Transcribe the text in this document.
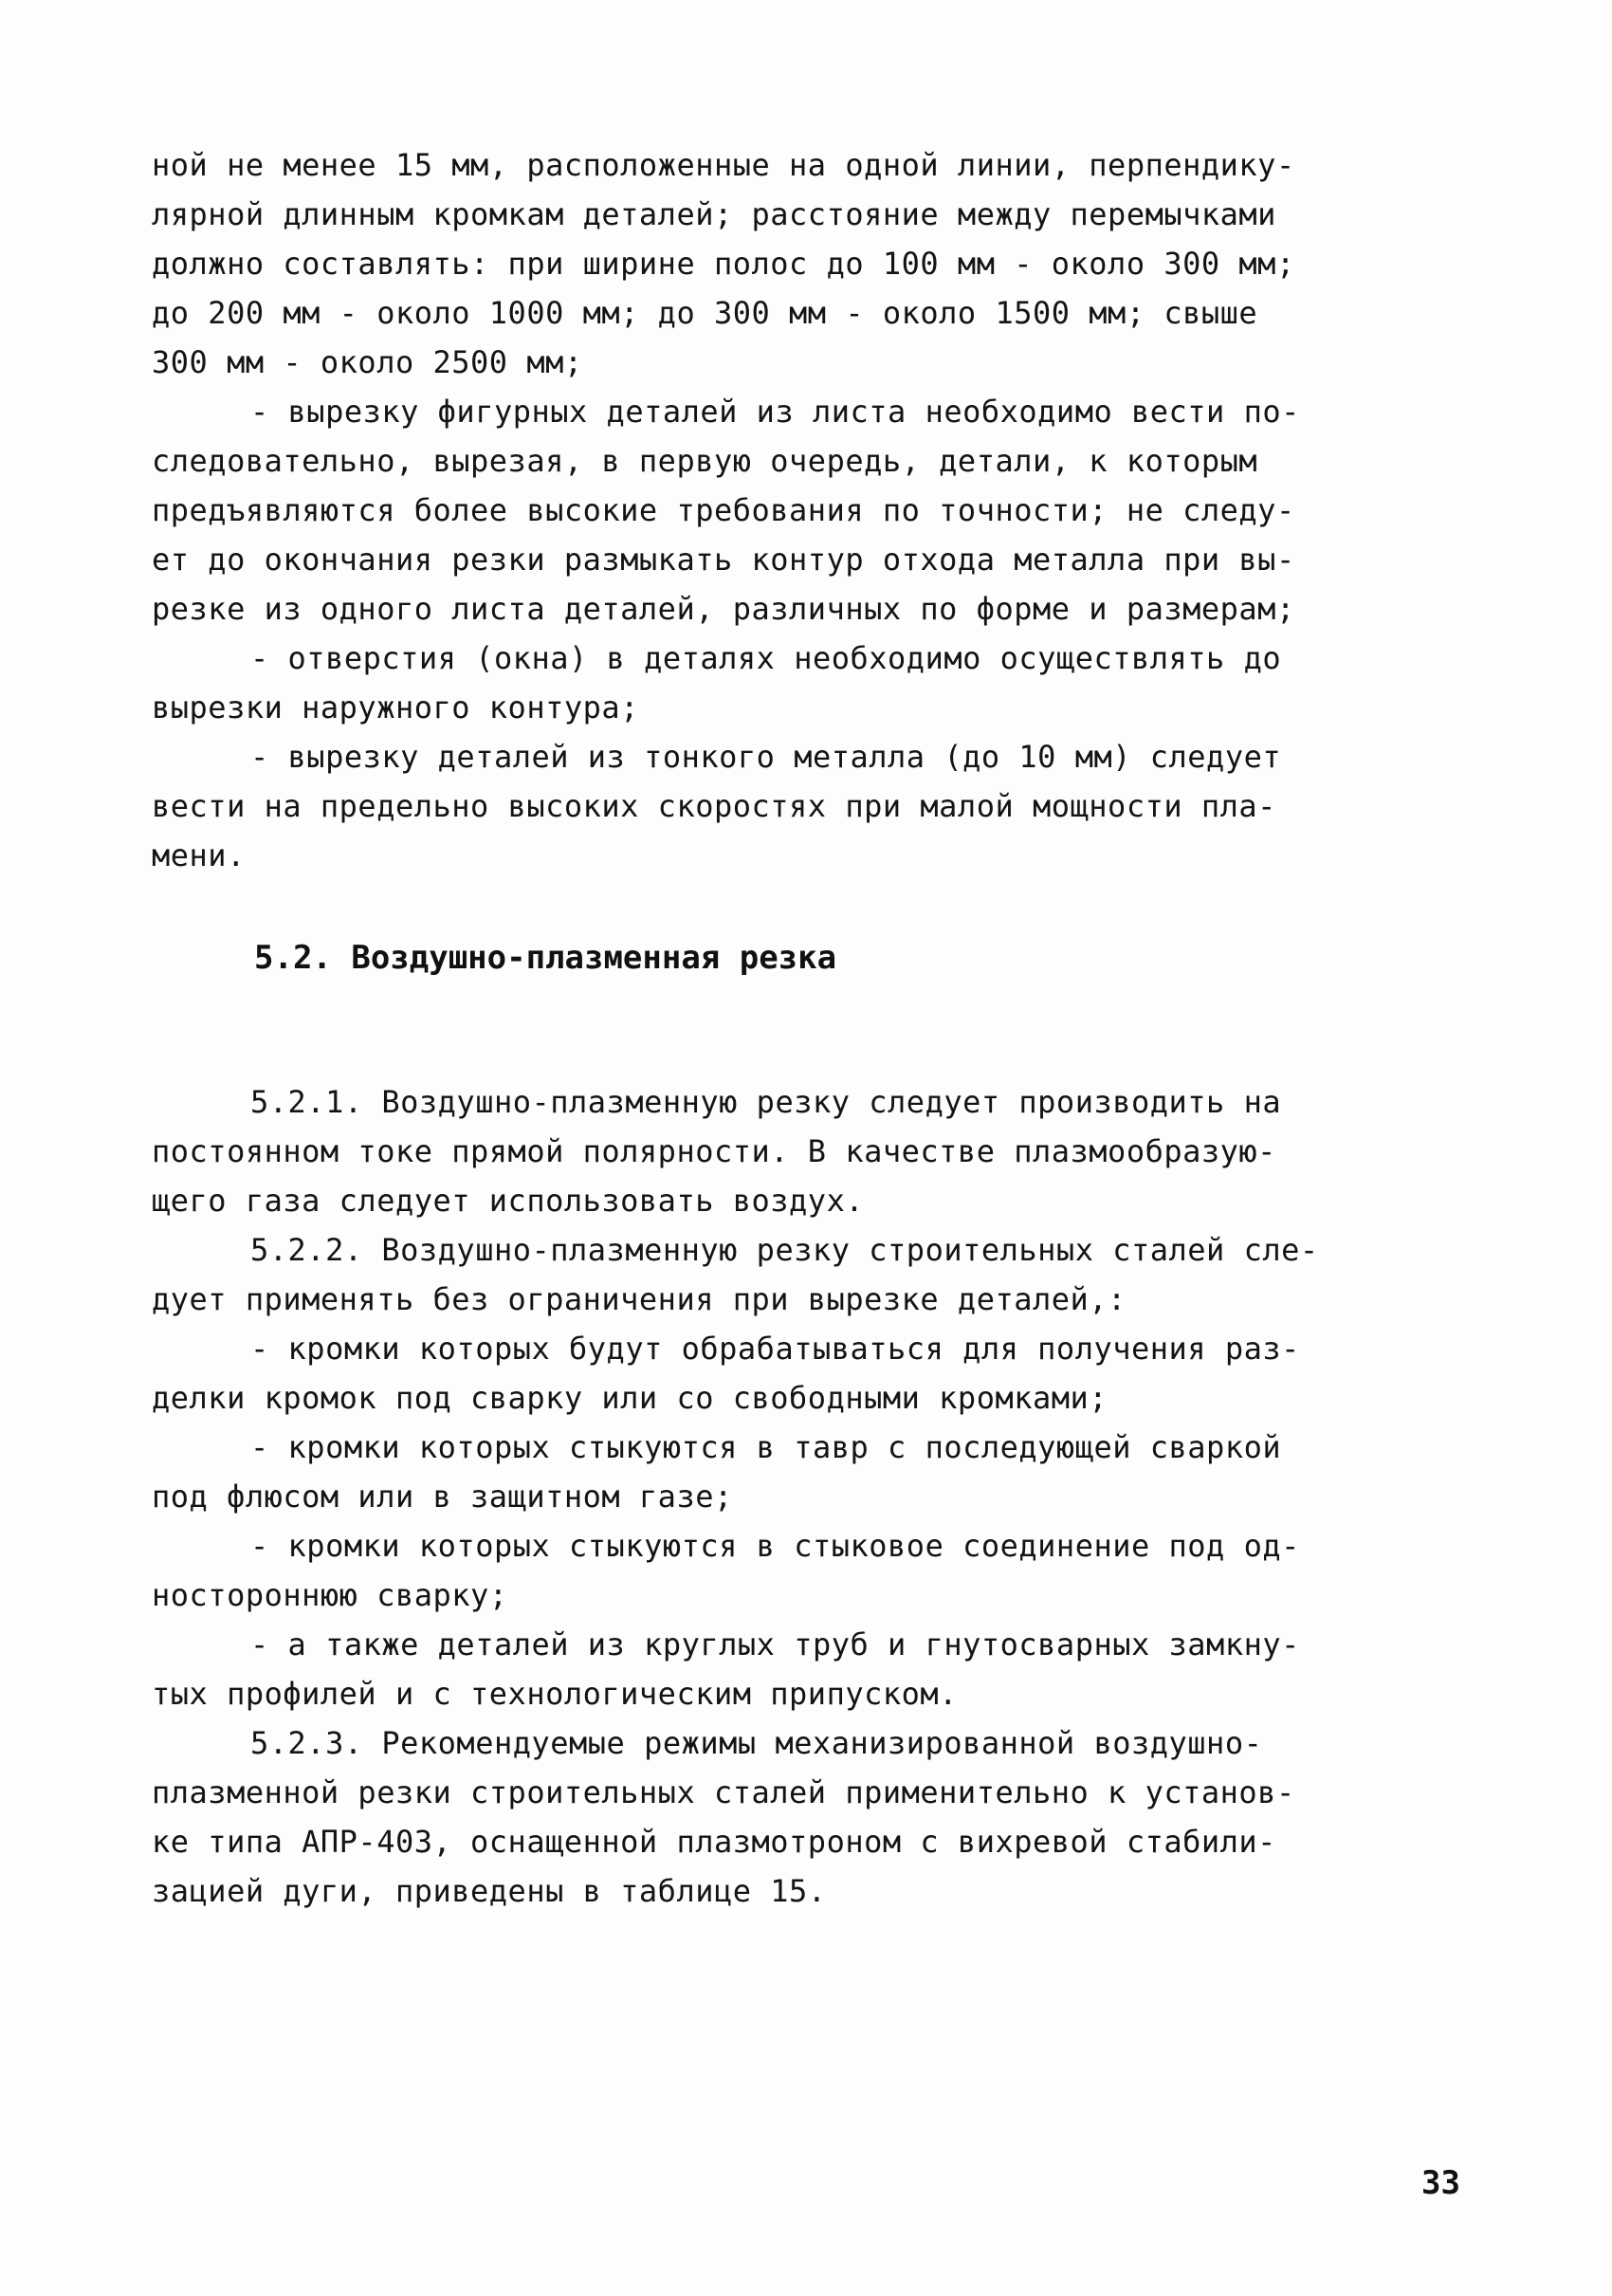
ной не менее 15 мм, расположенные на одной линии, перпендику-
лярной длинным кромкам деталей; расстояние между перемычками
должно составлять: при ширине полос до 100 мм - около 300 мм;
до 200 мм - около 1000 мм; до 300 мм - около 1500 мм; свыше
300 мм - около 2500 мм;
- вырезку фигурных деталей из листа необходимо вести по-
следовательно, вырезая, в первую очередь, детали, к которым
предъявляются более высокие требования по точности; не следу-
ет до окончания резки размыкать контур отхода металла при вы-
резке из одного листа деталей, различных по форме и размерам;
- отверстия (окна) в деталях необходимо осуществлять до
вырезки наружного контура;
- вырезку деталей из тонкого металла (до 10 мм) следует
вести на предельно высоких скоростях при малой мощности пла-
мени.
5.2. Воздушно-плазменная резка
5.2.1. Воздушно-плазменную резку следует производить на
постоянном токе прямой полярности. В качестве плазмообразую-
щего газа следует использовать воздух.
5.2.2. Воздушно-плазменную резку строительных сталей сле-
дует применять без ограничения при вырезке деталей,:
- кромки которых будут обрабатываться для получения раз-
делки кромок под сварку или со свободными кромками;
- кромки которых стыкуются в тавр с последующей сваркой
под флюсом или в защитном газе;
- кромки которых стыкуются в стыковое соединение под од-
ностороннюю сварку;
- а также деталей из круглых труб и гнутосварных замкну-
тых профилей и с технологическим припуском.
5.2.3. Рекомендуемые режимы механизированной воздушно-
плазменной резки строительных сталей применительно к установ-
ке типа АПР-403, оснащенной плазмотроном с вихревой стабили-
зацией дуги, приведены в таблице 15.
33
